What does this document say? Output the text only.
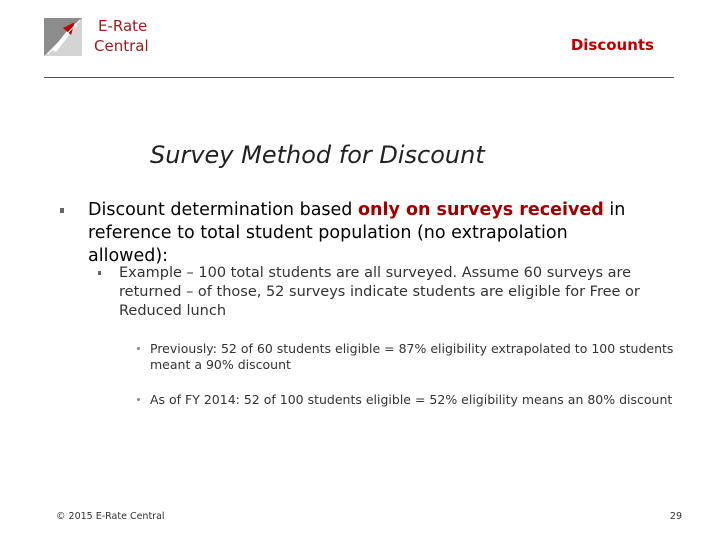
E-Rate
Central	Discounts
Survey Method for Discount
Discount determination based only on surveys received in reference to total student population (no extrapolation allowed):
Example – 100 total students are all surveyed. Assume 60 surveys are returned – of those, 52 surveys indicate students are eligible for Free or Reduced lunch
Previously: 52 of 60 students eligible = 87% eligibility extrapolated to 100 students meant a 90% discount
As of FY 2014: 52 of 100 students eligible = 52% eligibility means an 80% discount
© 2015 E-Rate Central	29
